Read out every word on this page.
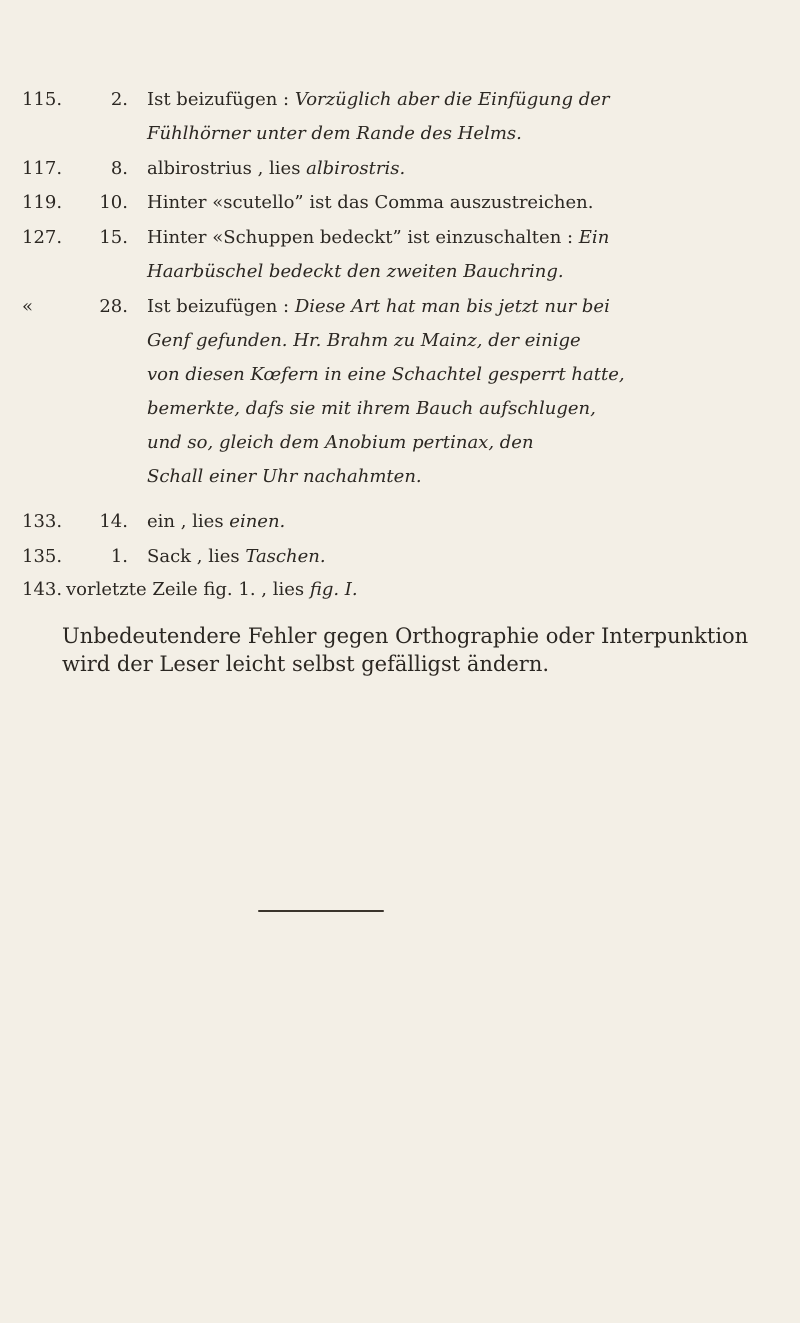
115.	2. Ist beizufügen : Vorzüglich aber die Einfügung der
Fühlhörner unter dem Rande des Helms.
117.	8. albirostrius , lies albirostris.
119.	10. Hinter «scutello” ist das Comma auszustreichen.
127.	15. Hinter «Schuppen bedeckt” ist einzuschalten : Ein
Haarbüschel bedeckt den zweiten Bauchring.
«	28. Ist beizufügen : Diese Art hat man bis jetzt nur bei
Genf gefunden. Hr. Brahm zu Mainz, der einige
von diesen Kœfern in eine Schachtel gesperrt hatte,
bemerkte, dafs sie mit ihrem Bauch aufschlugen,
und so, gleich dem Anobium pertinax, den
Schall einer Uhr nachahmten.
133.	14. ein , lies einen.
135.	1. Sack , lies Taschen.
143. vorletzte Zeile fig. 1. , lies fig. I.
Unbedeutendere Fehler gegen Orthographie oder Interpunktion wird der Leser leicht selbst gefälligst ändern.
